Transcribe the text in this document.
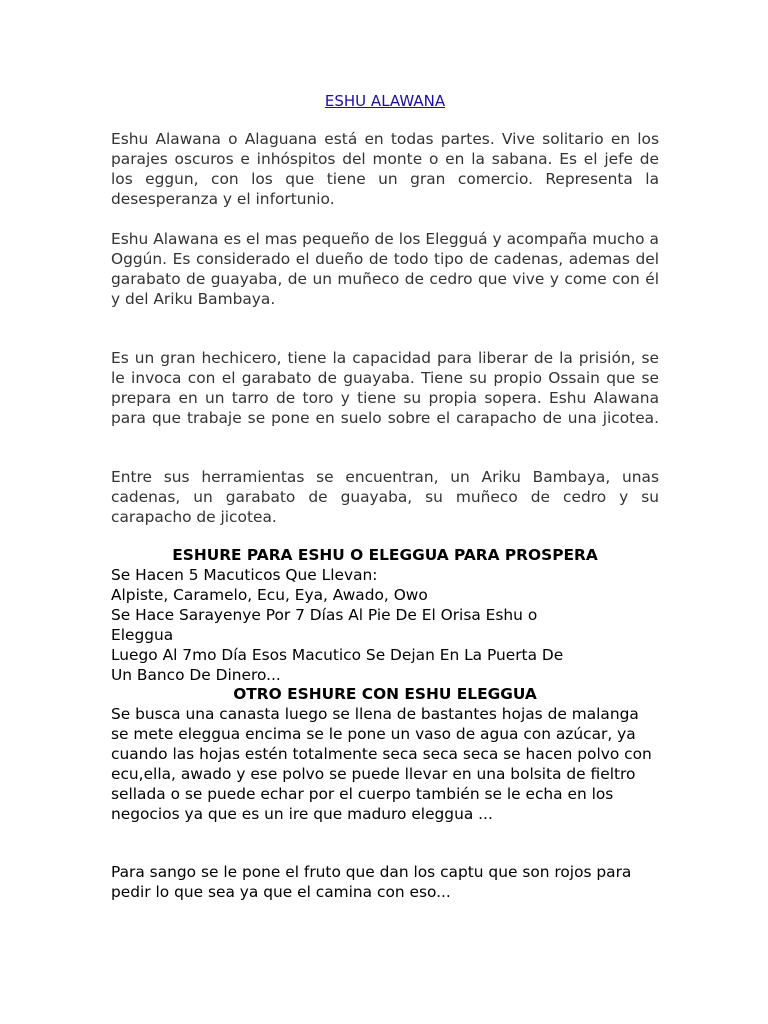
ESHU ALAWANA

Eshu Alawana o Alaguana está en todas partes. Vive solitario en los parajes oscuros e inhóspitos del monte o en la sabana. Es el jefe de los eggun, con los que tiene un gran comercio. Representa la desesperanza y el infortunio.

Eshu Alawana es el mas pequeño de los Elegguá y acompaña mucho a Oggún. Es considerado el dueño de todo tipo de cadenas, ademas del garabato de guayaba, de un muñeco de cedro que vive y come con él y del Ariku Bambaya.

Es un gran hechicero, tiene la capacidad para liberar de la prisión, se le invoca con el garabato de guayaba. Tiene su propio Ossain que se prepara en un tarro de toro y tiene su propia sopera. Eshu Alawana para que trabaje se pone en suelo sobre el carapacho de una jicotea.

Entre sus herramientas se encuentran, un Ariku Bambaya, unas cadenas, un garabato de guayaba, su muñeco de cedro y su carapacho de jicotea.

ESHURE PARA ESHU O ELEGGUA PARA PROSPERA
Se Hacen 5 Macuticos Que Llevan:
Alpiste, Caramelo, Ecu, Eya, Awado, Owo
Se Hace Sarayenye Por 7 Días Al Pie De El Orisa Eshu o
Eleggua
Luego Al 7mo Día Esos Macutico Se Dejan En La Puerta De
Un Banco De Dinero...
OTRO ESHURE CON ESHU ELEGGUA

Se busca una canasta luego se llena de bastantes hojas de malanga se mete eleggua encima se le pone un vaso de agua con azúcar, ya cuando las hojas estén totalmente seca seca seca se hacen polvo con ecu,ella, awado y ese polvo se puede llevar en una bolsita de fieltro sellada o se puede echar por el cuerpo también se le echa en los negocios ya que es un ire que maduro eleggua ...

Para sango se le pone el fruto que dan los captu que son rojos para pedir lo que sea ya que el camina con eso...
